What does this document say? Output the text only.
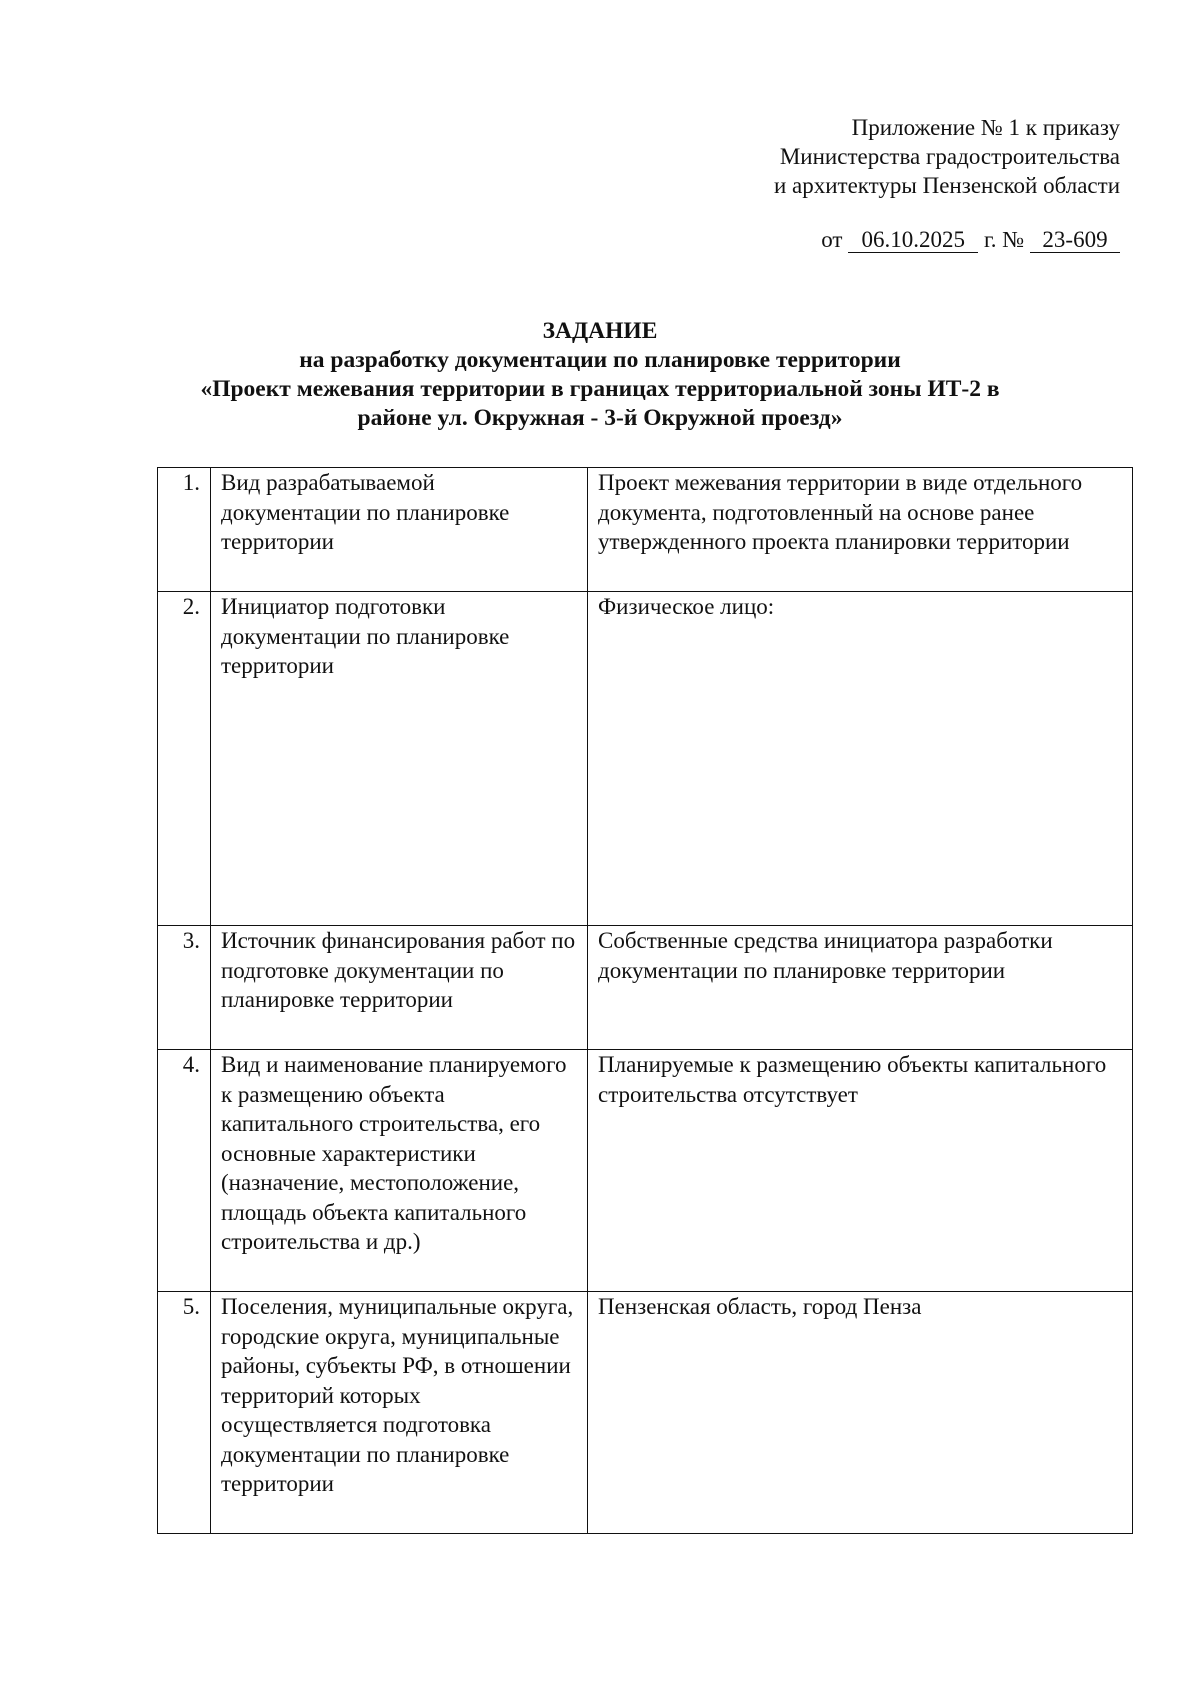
Приложение № 1 к приказу
Министерства градостроительства
и архитектуры Пензенской области
от 06.10.2025 г. № 23-609
ЗАДАНИЕ
на разработку документации по планировке территории
«Проект межевания территории в границах территориальной зоны ИТ-2 в
районе ул. Окружная - 3-й Окружной проезд»
1.	Вид разрабатываемой документации по планировке территории	Проект межевания территории в виде отдельного документа, подготовленный на основе ранее утвержденного проекта планировки территории
2.	Инициатор подготовки документации по планировке территории	Физическое лицо:
3.	Источник финансирования работ по подготовке документации по планировке территории	Собственные средства инициатора разработки документации по планировке территории
4.	Вид и наименование планируемого к размещению объекта капитального строительства, его основные характеристики (назначение, местоположение, площадь объекта капитального строительства и др.)	Планируемые к размещению объекты капитального строительства отсутствует
5.	Поселения, муниципальные округа, городские округа, муниципальные районы, субъекты РФ, в отношении территорий которых осуществляется подготовка документации по планировке территории	Пензенская область, город Пенза
